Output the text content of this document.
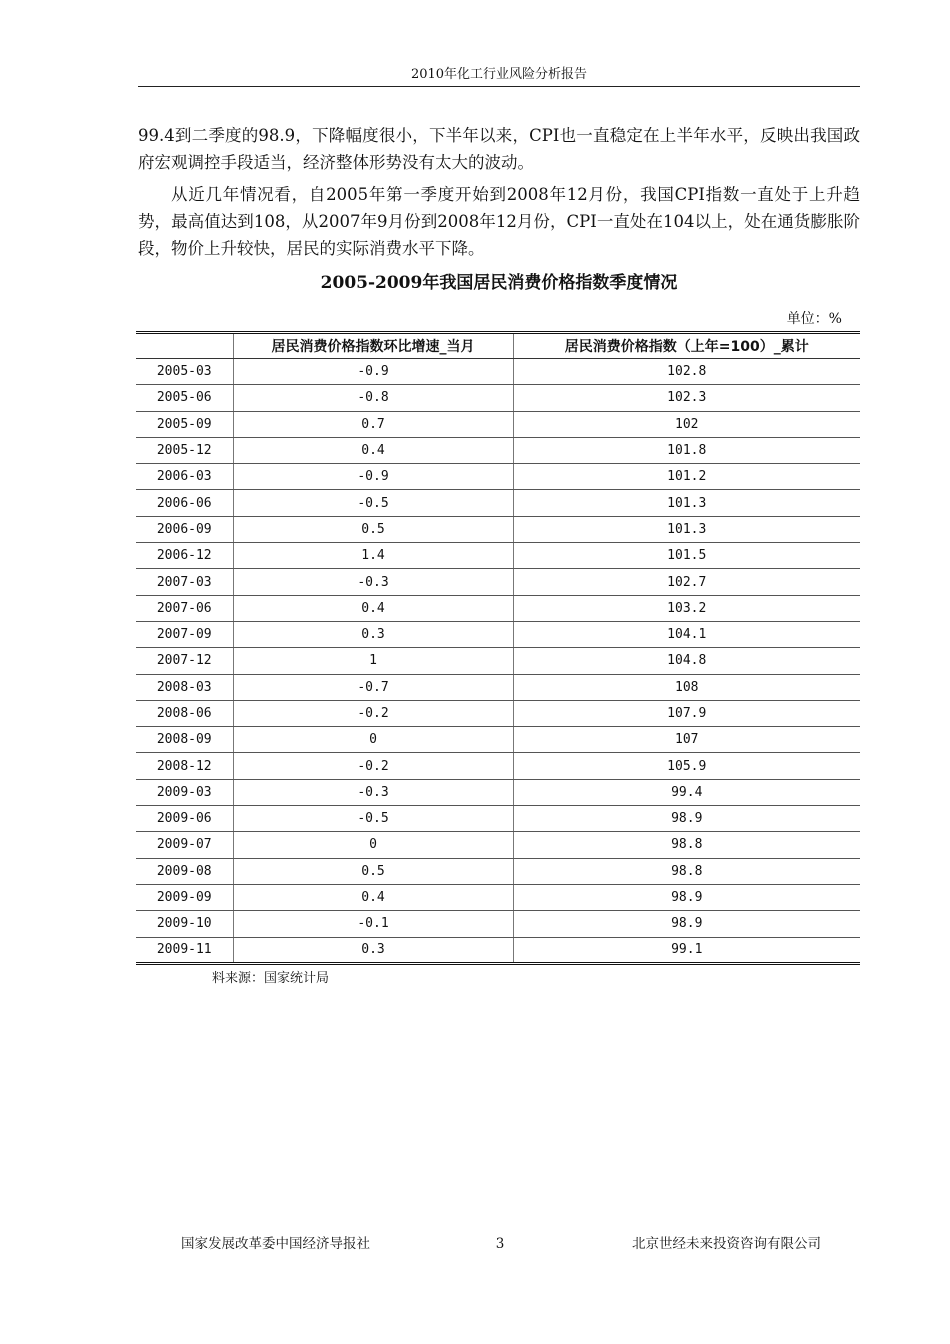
2010年化工行业风险分析报告

99.4到二季度的98.9，下降幅度很小，下半年以来，CPI也一直稳定在上半年水平，反映出我国政府宏观调控手段适当，经济整体形势没有太大的波动。

从近几年情况看，自2005年第一季度开始到2008年12月份，我国CPI指数一直处于上升趋势，最高值达到108，从2007年9月份到2008年12月份，CPI一直处在104以上，处在通货膨胀阶段，物价上升较快，居民的实际消费水平下降。

2005-2009年我国居民消费价格指数季度情况
单位：%
	居民消费价格指数环比增速_当月	居民消费价格指数（上年=100）_累计
2005-03	-0.9	102.8
2005-06	-0.8	102.3
2005-09	0.7	102
2005-12	0.4	101.8
2006-03	-0.9	101.2
2006-06	-0.5	101.3
2006-09	0.5	101.3
2006-12	1.4	101.5
2007-03	-0.3	102.7
2007-06	0.4	103.2
2007-09	0.3	104.1
2007-12	1	104.8
2008-03	-0.7	108
2008-06	-0.2	107.9
2008-09	0	107
2008-12	-0.2	105.9
2009-03	-0.3	99.4
2009-06	-0.5	98.9
2009-07	0	98.8
2009-08	0.5	98.8
2009-09	0.4	98.9
2009-10	-0.1	98.9
2009-11	0.3	99.1
料来源：国家统计局
国家发展改革委中国经济导报社	3	北京世经未来投资咨询有限公司
